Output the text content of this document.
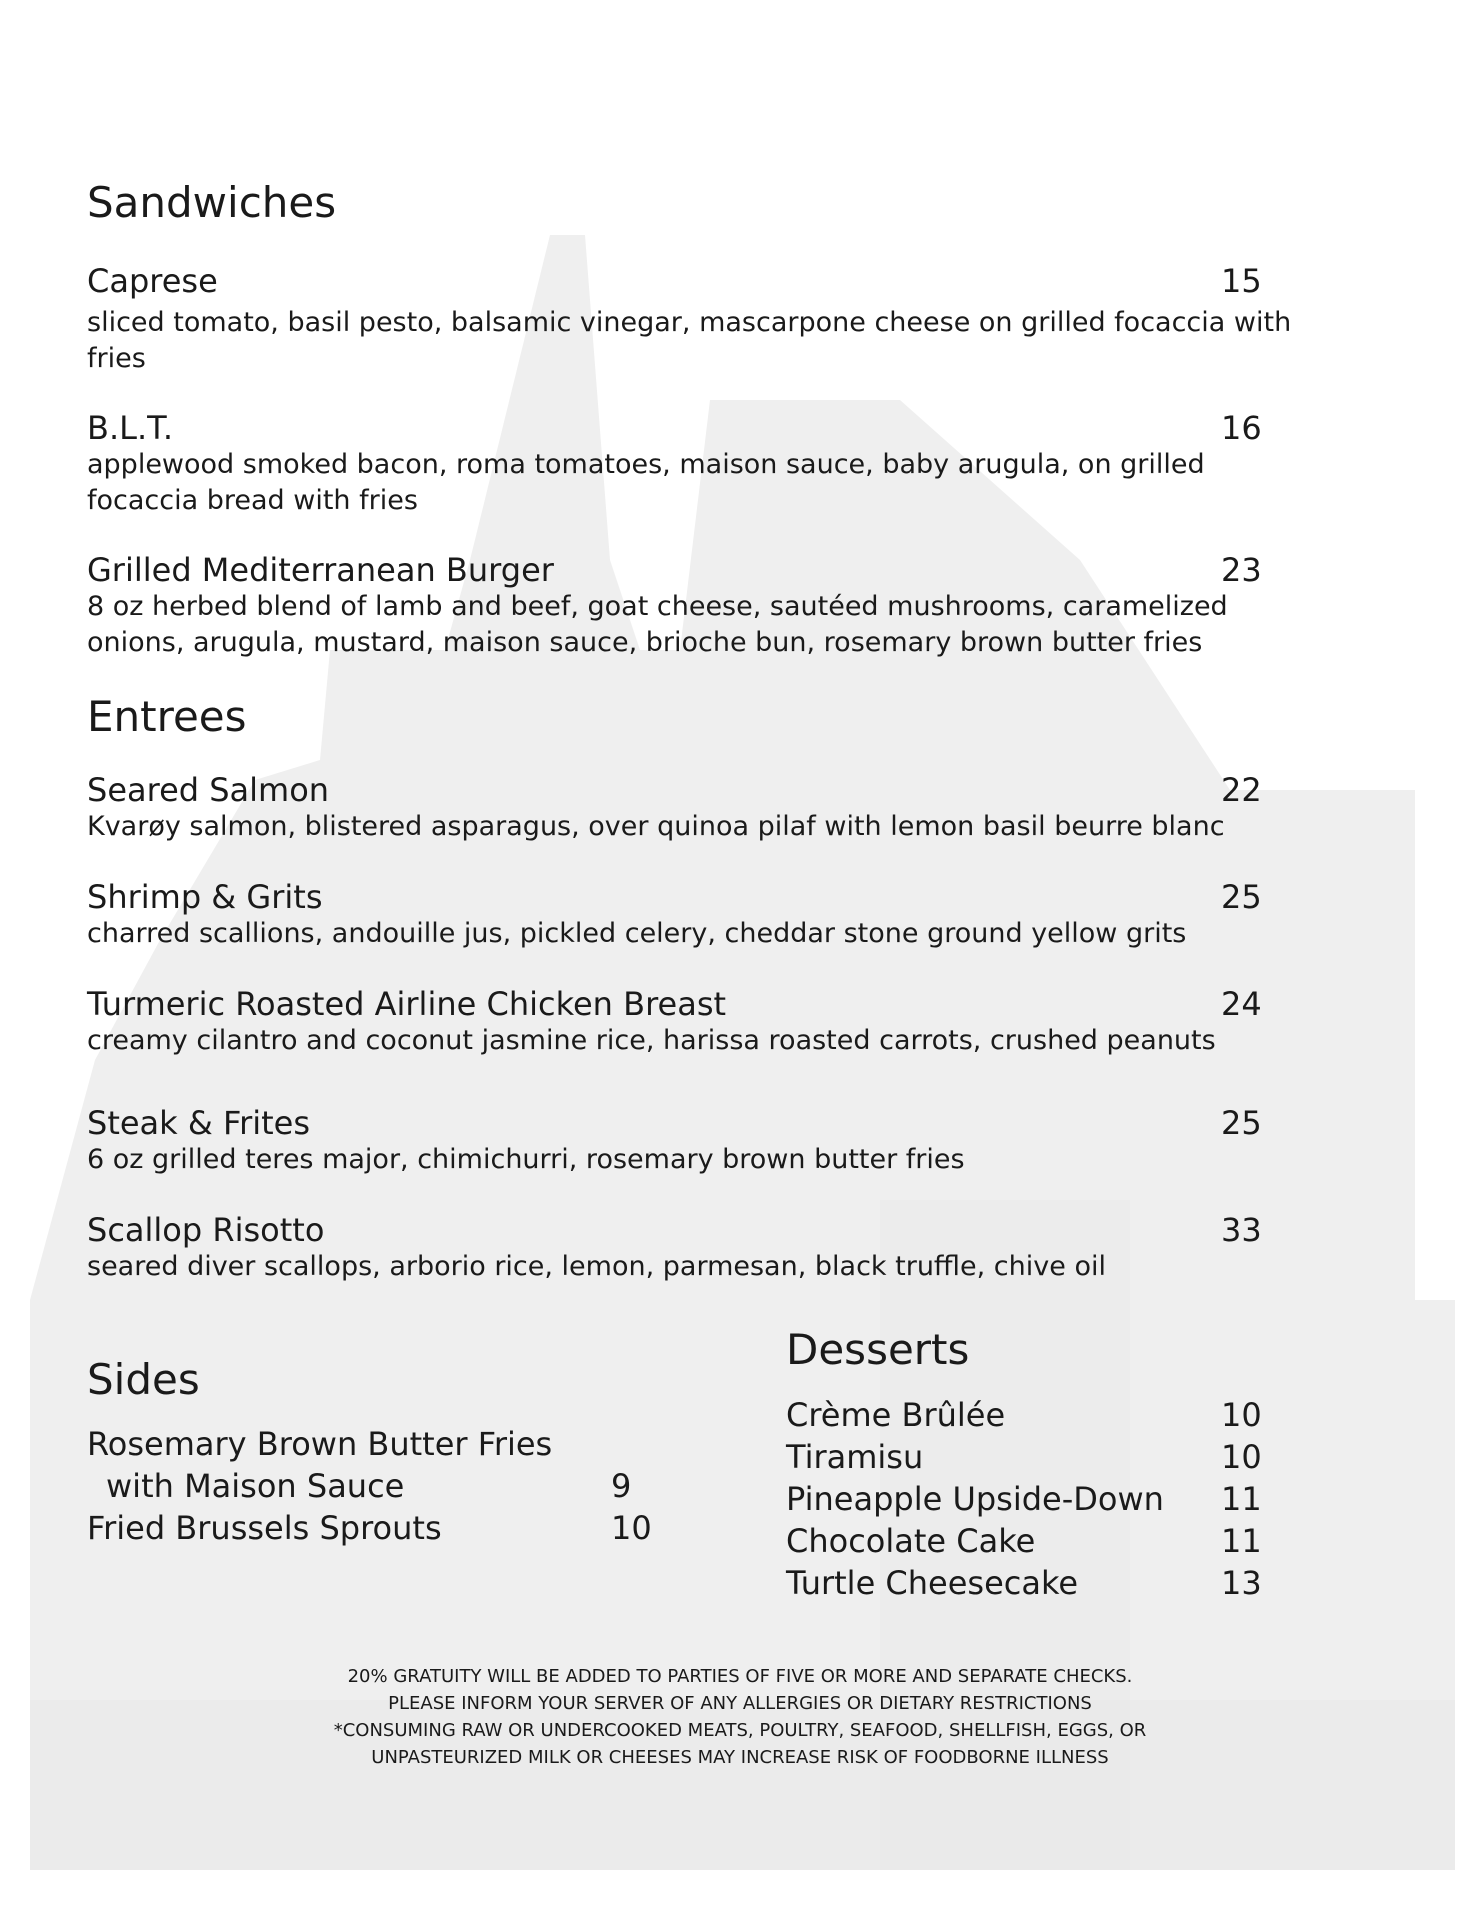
Sandwiches
Caprese	15
sliced tomato, basil pesto, balsamic vinegar, mascarpone cheese on grilled focaccia with fries
B.L.T.	16
applewood smoked bacon, roma tomatoes, maison sauce, baby arugula, on grilled focaccia bread with fries
Grilled Mediterranean Burger	23
8 oz herbed blend of lamb and beef, goat cheese, sautéed mushrooms, caramelized onions, arugula, mustard, maison sauce, brioche bun, rosemary brown butter fries
Entrees
Seared Salmon	22
Kvarøy salmon, blistered asparagus, over quinoa pilaf with lemon basil beurre blanc
Shrimp & Grits	25
charred scallions, andouille jus, pickled celery, cheddar stone ground yellow grits
Turmeric Roasted Airline Chicken Breast	24
creamy cilantro and coconut jasmine rice, harissa roasted carrots, crushed peanuts
Steak & Frites	25
6 oz grilled teres major, chimichurri, rosemary brown butter fries
Scallop Risotto	33
seared diver scallops, arborio rice, lemon, parmesan, black truffle, chive oil
Sides
Rosemary Brown Butter Fries
with Maison Sauce	9
Fried Brussels Sprouts	10
Desserts
Crème Brûlée	10
Tiramisu	10
Pineapple Upside-Down 11
Chocolate Cake	11
Turtle Cheesecake	13
20% GRATUITY WILL BE ADDED TO PARTIES OF FIVE OR MORE AND SEPARATE CHECKS.
PLEASE INFORM YOUR SERVER OF ANY ALLERGIES OR DIETARY RESTRICTIONS
*CONSUMING RAW OR UNDERCOOKED MEATS, POULTRY, SEAFOOD, SHELLFISH, EGGS, OR
UNPASTEURIZED MILK OR CHEESES MAY INCREASE RISK OF FOODBORNE ILLNESS
